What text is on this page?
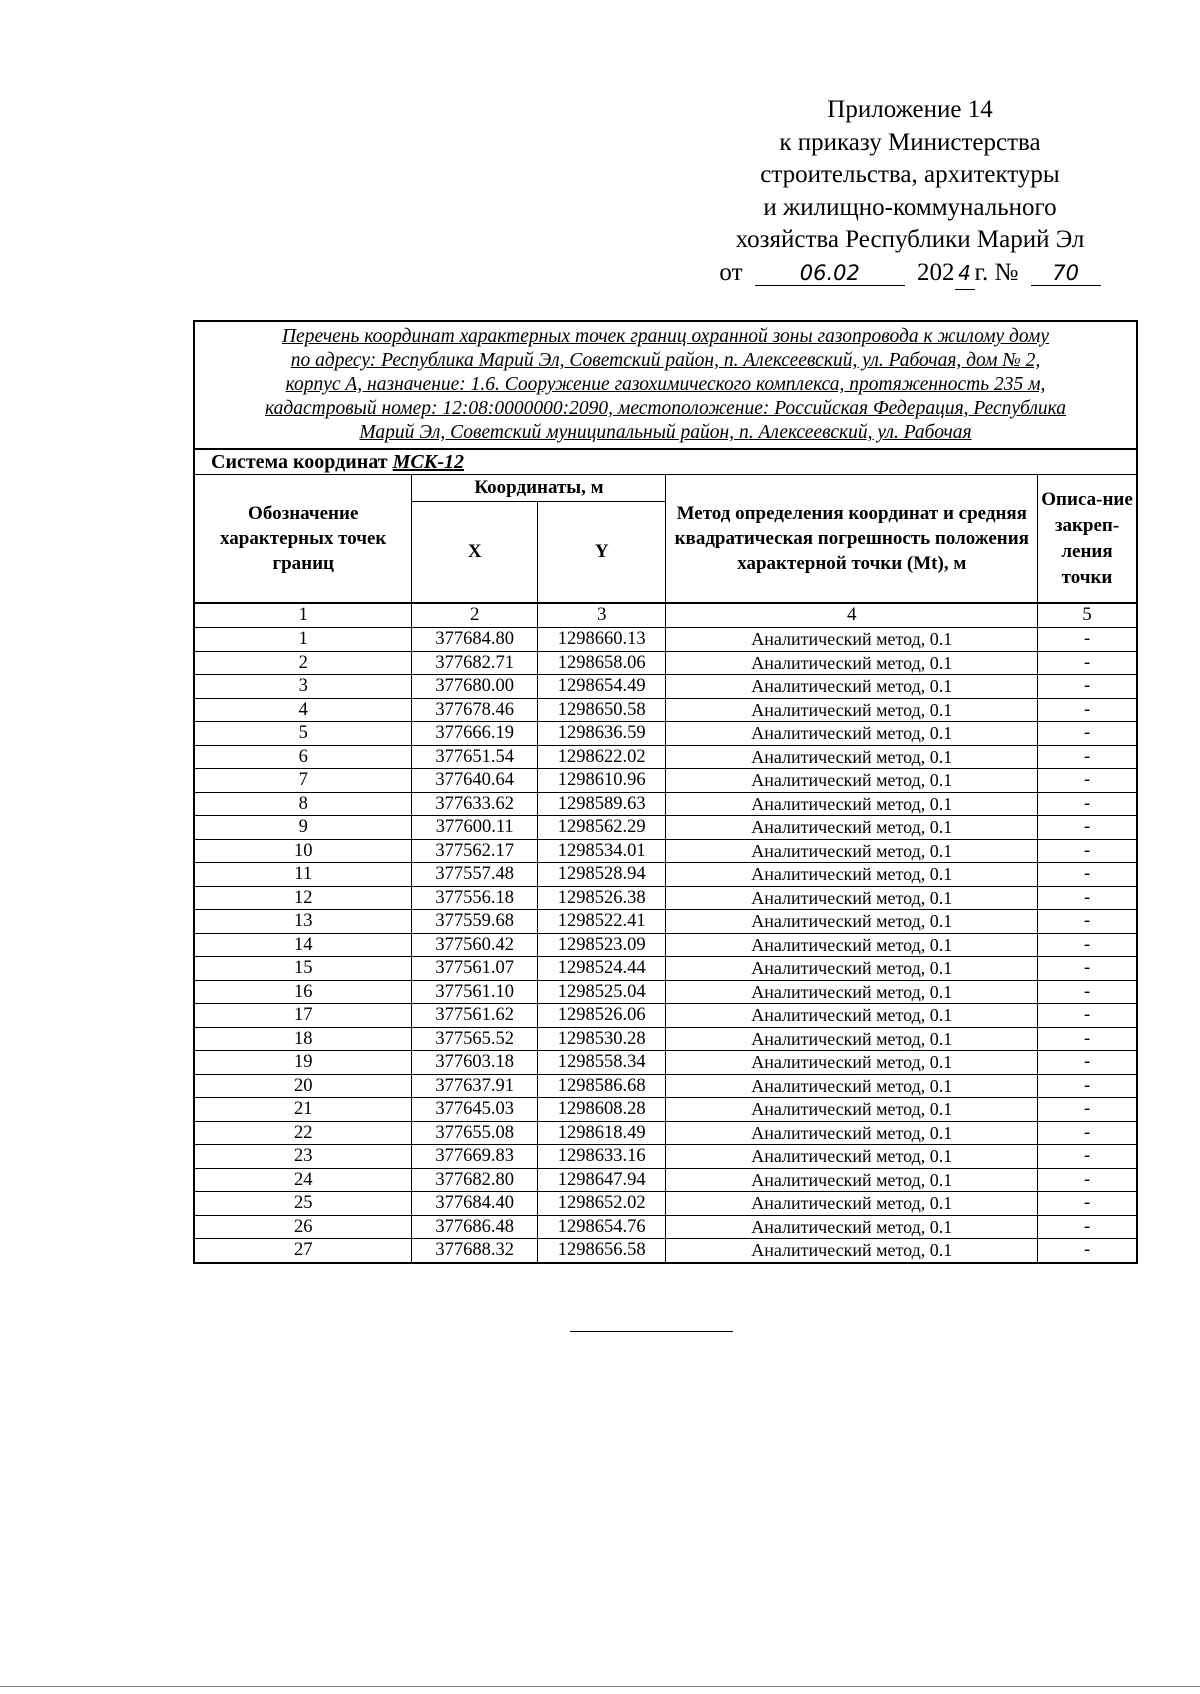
Приложение 14
к приказу Министерства
строительства, архитектуры
и жилищно-коммунального
хозяйства Республики Марий Эл
от	06.02 202 4 г. № 70
Перечень координат характерных точек границ охранной зоны газопровода к жилому дому
по адресу: Республика Марий Эл, Советский район, п. Алексеевский, ул. Рабочая, дом № 2,
корпус А, назначение: 1.6. Сооружение газохимического комплекса, протяженность 235 м,
кадастровый номер: 12:08:0000000:2090, местоположение: Российская Федерация, Республика
Марий Эл, Советский муниципальный район, п. Алексеевский, ул. Рабочая
Система координат МСК-12
Обозначение характерных точек границ	Координаты, м		Метод определения координат и средняя квадратическая погрешность положения характерной точки (Mt), м	Описа-ние закреп-ления точки
	X	Y		
1	2	3	4	5
1	377684.80	1298660.13	Аналитический метод, 0.1	-
2	377682.71	1298658.06	Аналитический метод, 0.1	-
3	377680.00	1298654.49	Аналитический метод, 0.1	-
4	377678.46	1298650.58	Аналитический метод, 0.1	-
5	377666.19	1298636.59	Аналитический метод, 0.1	-
6	377651.54	1298622.02	Аналитический метод, 0.1	-
7	377640.64	1298610.96	Аналитический метод, 0.1	-
8	377633.62	1298589.63	Аналитический метод, 0.1	-
9	377600.11	1298562.29	Аналитический метод, 0.1	-
10	377562.17	1298534.01	Аналитический метод, 0.1	-
11	377557.48	1298528.94	Аналитический метод, 0.1	-
12	377556.18	1298526.38	Аналитический метод, 0.1	-
13	377559.68	1298522.41	Аналитический метод, 0.1	-
14	377560.42	1298523.09	Аналитический метод, 0.1	-
15	377561.07	1298524.44	Аналитический метод, 0.1	-
16	377561.10	1298525.04	Аналитический метод, 0.1	-
17	377561.62	1298526.06	Аналитический метод, 0.1	-
18	377565.52	1298530.28	Аналитический метод, 0.1	-
19	377603.18	1298558.34	Аналитический метод, 0.1	-
20	377637.91	1298586.68	Аналитический метод, 0.1	-
21	377645.03	1298608.28	Аналитический метод, 0.1	-
22	377655.08	1298618.49	Аналитический метод, 0.1	-
23	377669.83	1298633.16	Аналитический метод, 0.1	-
24	377682.80	1298647.94	Аналитический метод, 0.1	-
25	377684.40	1298652.02	Аналитический метод, 0.1	-
26	377686.48	1298654.76	Аналитический метод, 0.1	-
27	377688.32	1298656.58	Аналитический метод, 0.1	-
